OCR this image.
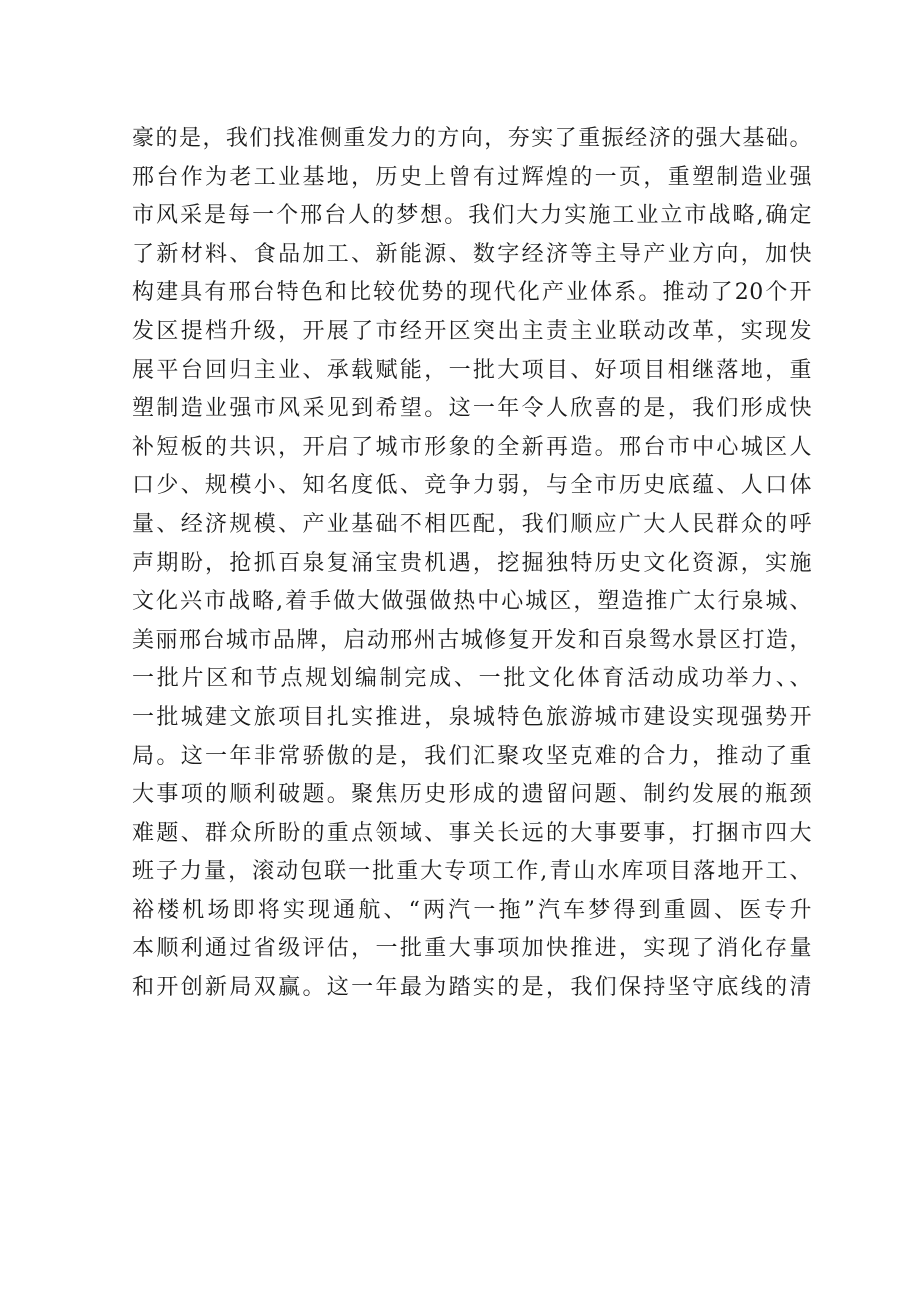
豪的是，我们找准侧重发力的方向，夯实了重振经济的强大基础。
邢台作为老工业基地，历史上曾有过辉煌的一页，重塑制造业强
市风采是每一个邢台人的梦想。我们大力实施工业立市战略,确定
了新材料、食品加工、新能源、数字经济等主导产业方向，加快
构建具有邢台特色和比较优势的现代化产业体系。推动了20个开
发区提档升级，开展了市经开区突出主责主业联动改革，实现发
展平台回归主业、承载赋能，一批大项目、好项目相继落地，重
塑制造业强市风采见到希望。这一年令人欣喜的是，我们形成快
补短板的共识，开启了城市形象的全新再造。邢台市中心城区人
口少、规模小、知名度低、竞争力弱，与全市历史底蕴、人口体
量、经济规模、产业基础不相匹配，我们顺应广大人民群众的呼
声期盼，抢抓百泉复涌宝贵机遇，挖掘独特历史文化资源，实施
文化兴市战略,着手做大做强做热中心城区，塑造推广太行泉城、
美丽邢台城市品牌，启动邢州古城修复开发和百泉鸳水景区打造，
一批片区和节点规划编制完成、一批文化体育活动成功举力、、
一批城建文旅项目扎实推进，泉城特色旅游城市建设实现强势开
局。这一年非常骄傲的是，我们汇聚攻坚克难的合力，推动了重
大事项的顺利破题。聚焦历史形成的遗留问题、制约发展的瓶颈
难题、群众所盼的重点领域、事关长远的大事要事，打捆市四大
班子力量，滚动包联一批重大专项工作,青山水库项目落地开工、
裕楼机场即将实现通航、“两汽一拖”汽车梦得到重圆、医专升
本顺利通过省级评估，一批重大事项加快推进，实现了消化存量
和开创新局双赢。这一年最为踏实的是，我们保持坚守底线的清
